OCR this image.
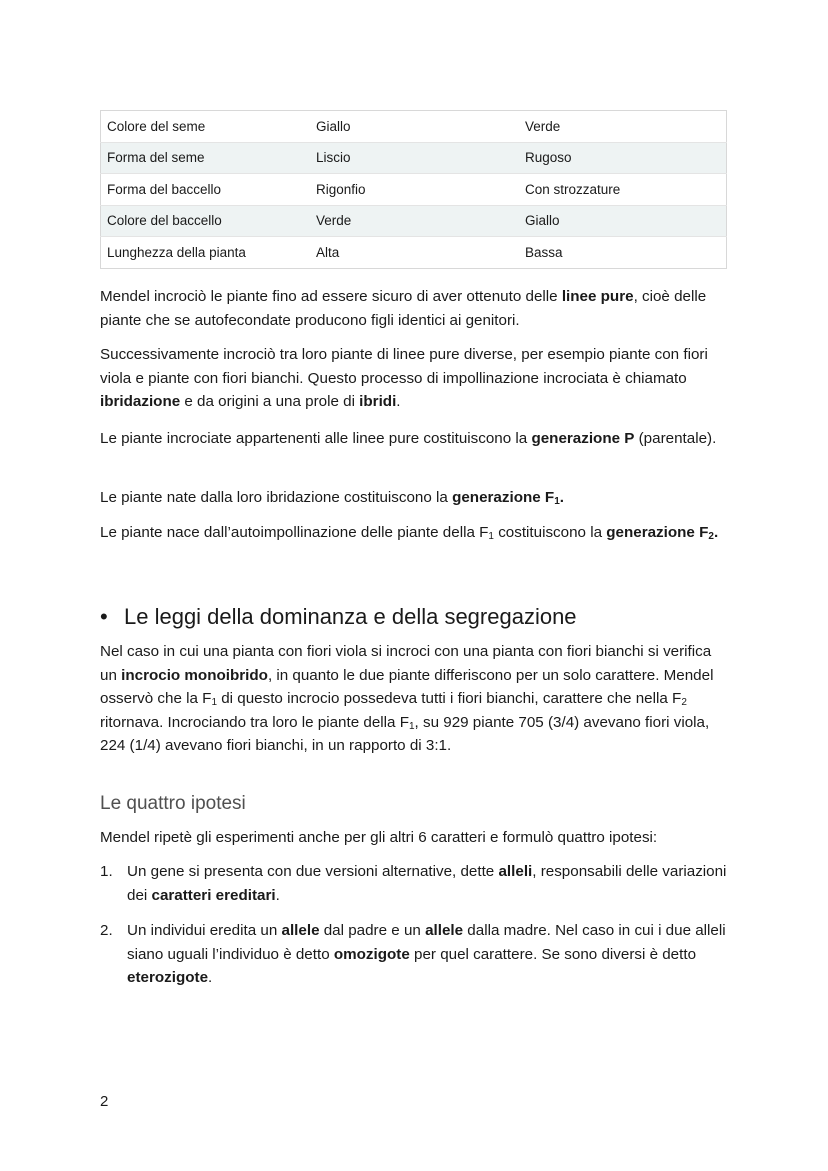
Colore del seme	Giallo	Verde
Forma del seme	Liscio	Rugoso
Forma del baccello	Rigonfio	Con strozzature
Colore del baccello	Verde	Giallo
Lunghezza della pianta	Alta	Bassa

Mendel incrociò le piante fino ad essere sicuro di aver ottenuto delle linee pure, cioè delle piante che se autofecondate producono figli identici ai genitori.

Successivamente incrociò tra loro piante di linee pure diverse, per esempio piante con fiori viola e piante con fiori bianchi. Questo processo di impollinazione incrociata è chiamato ibridazione e da origini a una prole di ibridi.

Le piante incrociate appartenenti alle linee pure costituiscono la generazione P (parentale).

Le piante nate dalla loro ibridazione costituiscono la generazione $F_1$.

Le piante nace dall’autoimpollinazione delle piante della $F_1$ costituiscono la generazione $F_2$.

• Le leggi della dominanza e della segregazione

Nel caso in cui una pianta con fiori viola si incroci con una pianta con fiori bianchi si verifica un incrocio monoibrido, in quanto le due piante differiscono per un solo carattere. Mendel osservò che la $F_1$ di questo incrocio possedeva tutti i fiori bianchi, carattere che nella $F_2$ ritornava. Incrociando tra loro le piante della $F_1$, su 929 piante 705 (3/4) avevano fiori viola, 224 (1/4) avevano fiori bianchi, in un rapporto di 3:1.

Le quattro ipotesi

Mendel ripetè gli esperimenti anche per gli altri 6 caratteri e formulò quattro ipotesi:

1. Un gene si presenta con due versioni alternative, dette alleli, responsabili delle variazioni dei caratteri ereditari.
2. Un individui eredita un allele dal padre e un allele dalla madre. Nel caso in cui i due alleli siano uguali l’individuo è detto omozigote per quel carattere. Se sono diversi è detto eterozigote.
2
